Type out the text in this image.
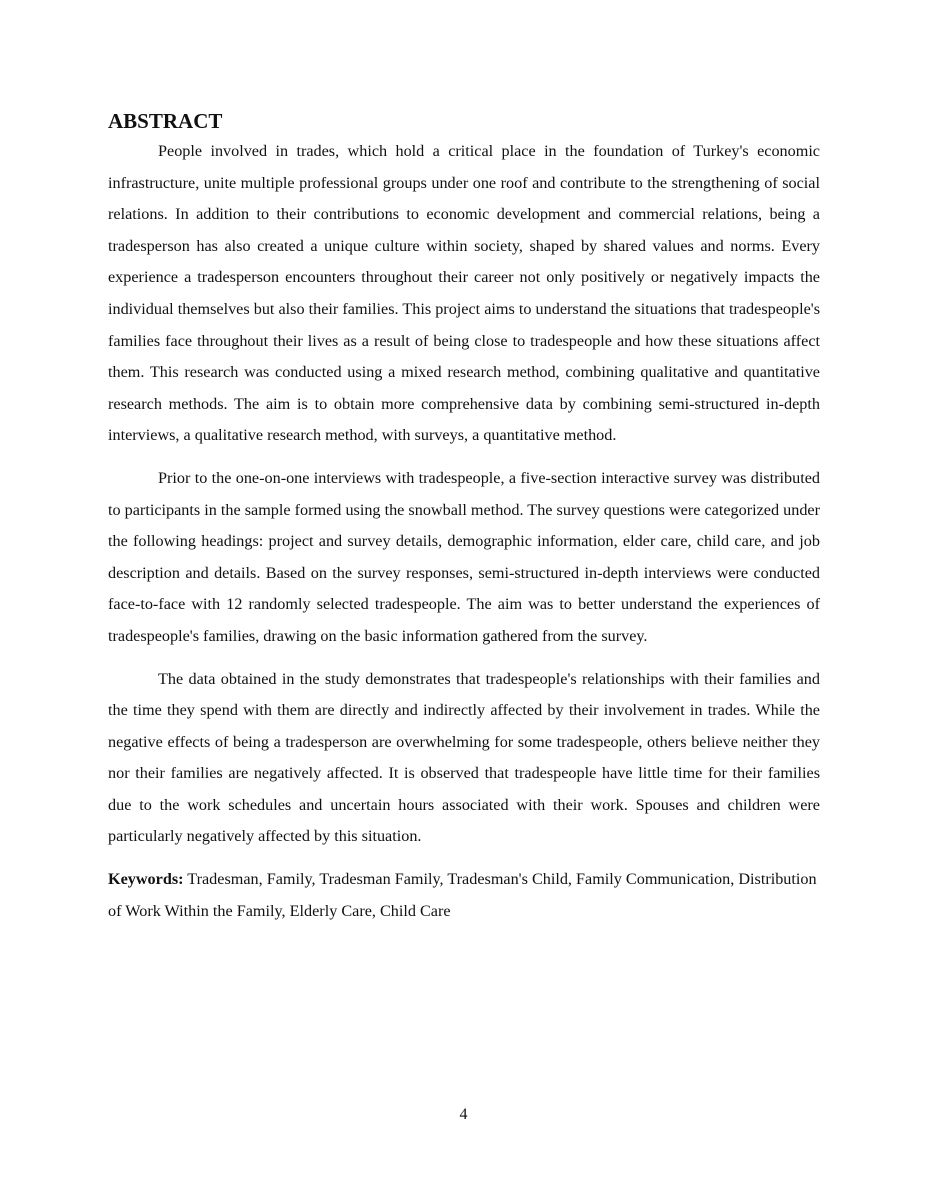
ABSTRACT

People involved in trades, which hold a critical place in the foundation of Turkey's economic infrastructure, unite multiple professional groups under one roof and contribute to the strengthening of social relations. In addition to their contributions to economic development and commercial relations, being a tradesperson has also created a unique culture within society, shaped by shared values and norms. Every experience a tradesperson encounters throughout their career not only positively or negatively impacts the individual themselves but also their families. This project aims to understand the situations that tradespeople's families face throughout their lives as a result of being close to tradespeople and how these situations affect them. This research was conducted using a mixed research method, combining qualitative and quantitative research methods. The aim is to obtain more comprehensive data by combining semi-structured in-depth interviews, a qualitative research method, with surveys, a quantitative method.

Prior to the one-on-one interviews with tradespeople, a five-section interactive survey was distributed to participants in the sample formed using the snowball method. The survey questions were categorized under the following headings: project and survey details, demographic information, elder care, child care, and job description and details. Based on the survey responses, semi-structured in-depth interviews were conducted face-to-face with 12 randomly selected tradespeople. The aim was to better understand the experiences of tradespeople's families, drawing on the basic information gathered from the survey.

The data obtained in the study demonstrates that tradespeople's relationships with their families and the time they spend with them are directly and indirectly affected by their involvement in trades. While the negative effects of being a tradesperson are overwhelming for some tradespeople, others believe neither they nor their families are negatively affected. It is observed that tradespeople have little time for their families due to the work schedules and uncertain hours associated with their work. Spouses and children were particularly negatively affected by this situation.

Keywords: Tradesman, Family, Tradesman Family, Tradesman's Child, Family Communication, Distribution of Work Within the Family, Elderly Care, Child Care

4
